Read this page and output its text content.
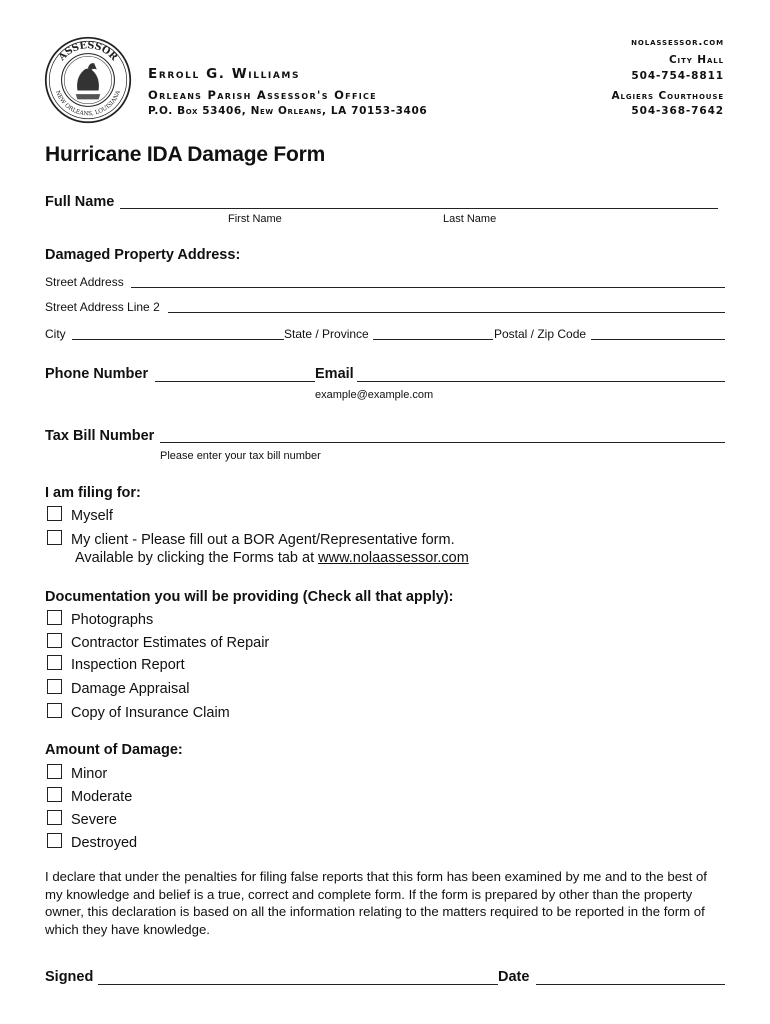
ASSESSOR
NEW ORLEANS, LOUISIANA
Erroll G. Williams
Orleans Parish Assessor's Office
P.O. Box 53406, New Orleans, LA 70153-3406
nolassessor.com
City Hall
504-754-8811
Algiers Courthouse
504-368-7642
Hurricane IDA Damage Form
Full Name
First Name	Last Name
Damaged Property Address:
Street Address
Street Address Line 2
City	State / Province	Postal / Zip Code
Phone Number	Email
example@example.com
Tax Bill Number
Please enter your tax bill number
I am filing for:
Myself
My client - Please fill out a BOR Agent/Representative form.
Available by clicking the Forms tab at www.nolaassessor.com
Documentation you will be providing (Check all that apply):
Photographs
Contractor Estimates of Repair
Inspection Report
Damage Appraisal
Copy of Insurance Claim
Amount of Damage:
Minor
Moderate
Severe
Destroyed
I declare that under the penalties for filing false reports that this form has been examined by me and to the best of my knowledge and belief is a true, correct and complete form. If the form is prepared by other than the property owner, this declaration is based on all the information relating to the matters required to be reported in the form of which they have knowledge.
Signed	Date
